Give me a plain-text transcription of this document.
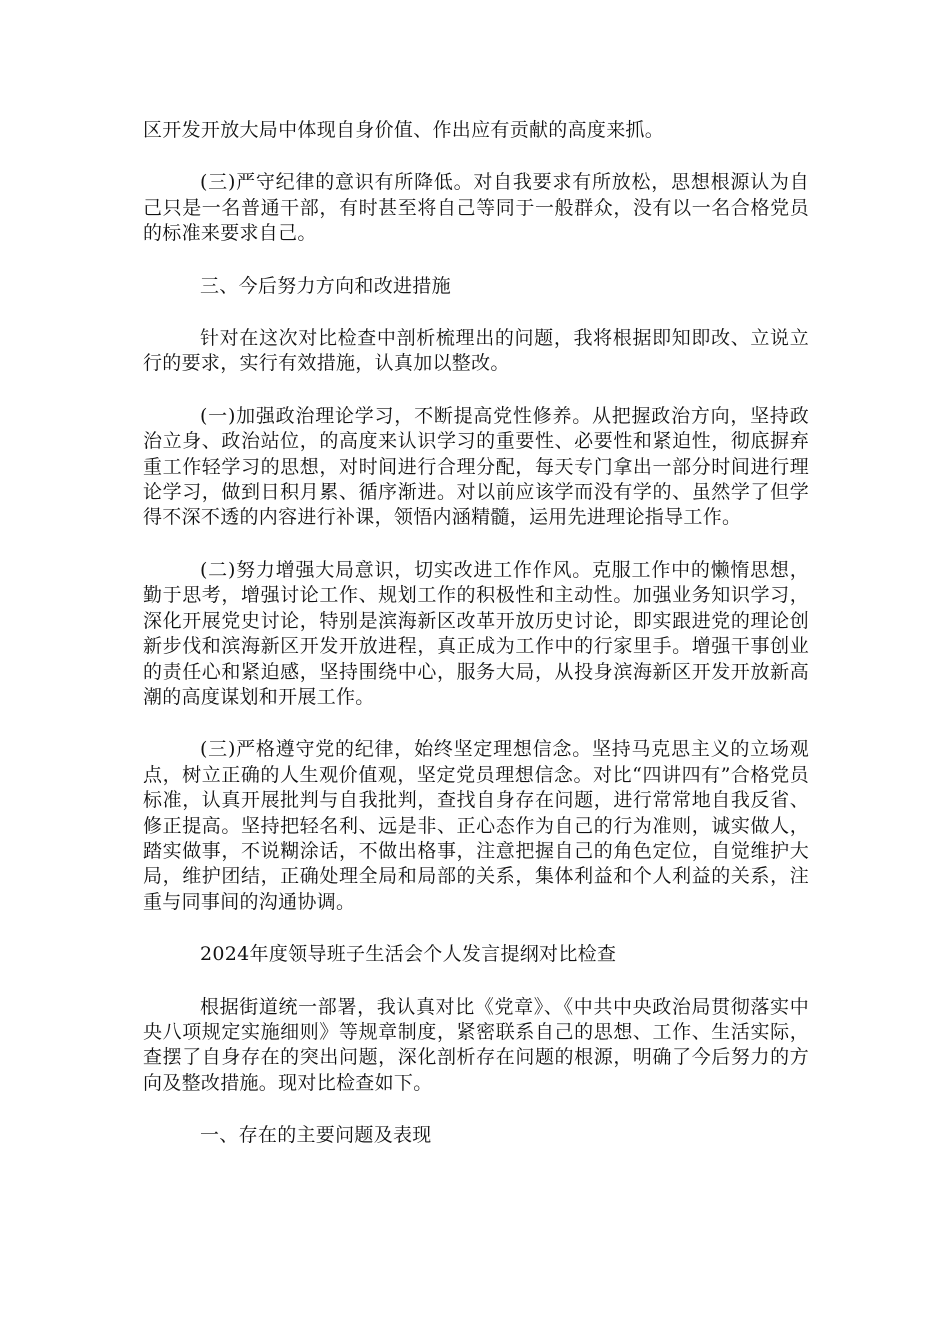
区开发开放大局中体现自身价值、作出应有贡献的高度来抓。

(三)严守纪律的意识有所降低。对自我要求有所放松，思想根源认为自己只是一名普通干部，有时甚至将自己等同于一般群众，没有以一名合格党员的标准来要求自己。

三、今后努力方向和改进措施

针对在这次对比检查中剖析梳理出的问题，我将根据即知即改、立说立行的要求，实行有效措施，认真加以整改。

(一)加强政治理论学习，不断提高党性修养。从把握政治方向，坚持政治立身、政治站位，的高度来认识学习的重要性、必要性和紧迫性，彻底摒弃重工作轻学习的思想，对时间进行合理分配，每天专门拿出一部分时间进行理论学习，做到日积月累、循序渐进。对以前应该学而没有学的、虽然学了但学得不深不透的内容进行补课，领悟内涵精髓，运用先进理论指导工作。

(二)努力增强大局意识，切实改进工作作风。克服工作中的懒惰思想，勤于思考，增强讨论工作、规划工作的积极性和主动性。加强业务知识学习，深化开展党史讨论，特别是滨海新区改革开放历史讨论，即实跟进党的理论创新步伐和滨海新区开发开放进程，真正成为工作中的行家里手。增强干事创业的责任心和紧迫感，坚持围绕中心，服务大局，从投身滨海新区开发开放新高潮的高度谋划和开展工作。

(三)严格遵守党的纪律，始终坚定理想信念。坚持马克思主义的立场观点，树立正确的人生观价值观，坚定党员理想信念。对比“四讲四有”合格党员标准，认真开展批判与自我批判，查找自身存在问题，进行常常地自我反省、修正提高。坚持把轻名利、远是非、正心态作为自己的行为准则，诚实做人，踏实做事，不说糊涂话，不做出格事，注意把握自己的角色定位，自觉维护大局，维护团结，正确处理全局和局部的关系，集体利益和个人利益的关系，注重与同事间的沟通协调。

2024年度领导班子生活会个人发言提纲对比检查

根据街道统一部署，我认真对比《党章》、《中共中央政治局贯彻落实中央八项规定实施细则》等规章制度，紧密联系自己的思想、工作、生活实际，查摆了自身存在的突出问题，深化剖析存在问题的根源，明确了今后努力的方向及整改措施。现对比检查如下。

一、存在的主要问题及表现
